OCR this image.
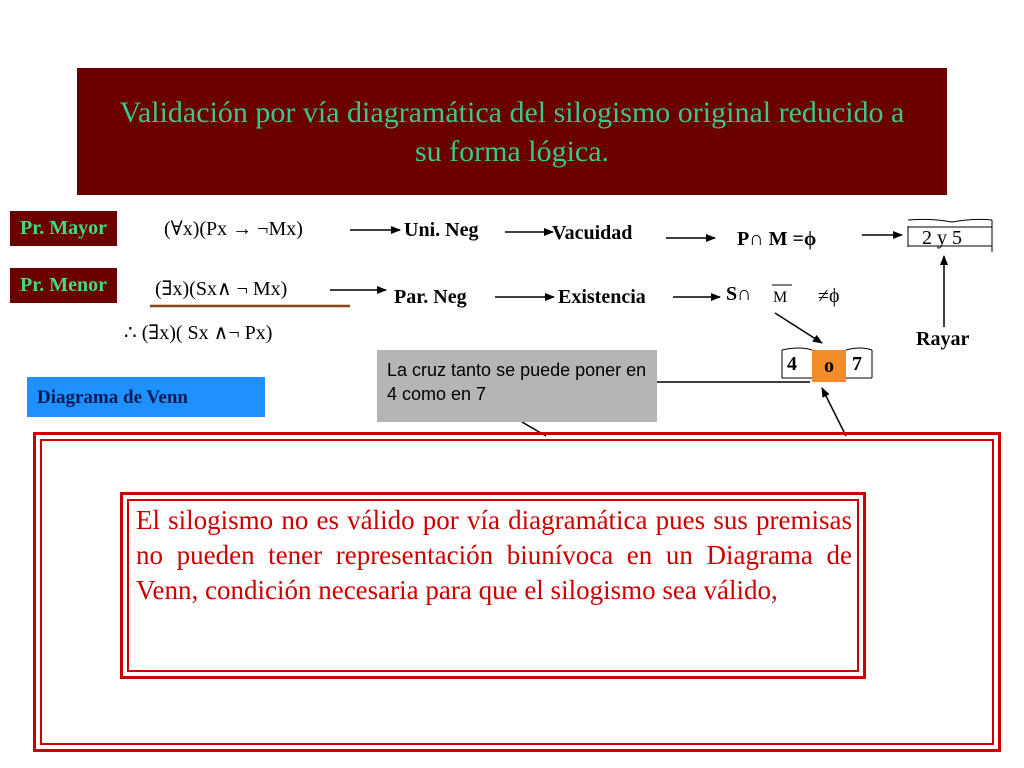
Validación por vía diagramática del silogismo original reducido a su forma lógica.
Pr. Mayor	(∀x)(Px → ¬Mx)	Uni. Neg	Vacuidad	P∩ M =ϕ	2 y 5
Pr. Menor	(∃x)(Sx∧ ¬ Mx)	Par. Neg	Existencia	S∩ M ≠ϕ
4 o 7
∴ (∃x)( Sx ∧¬ Px)	Rayar
La cruz tanto se puede poner en 4 como en 7
Diagrama de Venn
El silogismo no es válido por vía diagramática pues sus premisas no pueden tener representación biunívoca en un Diagrama de Venn, condición necesaria para que el silogismo sea válido,
